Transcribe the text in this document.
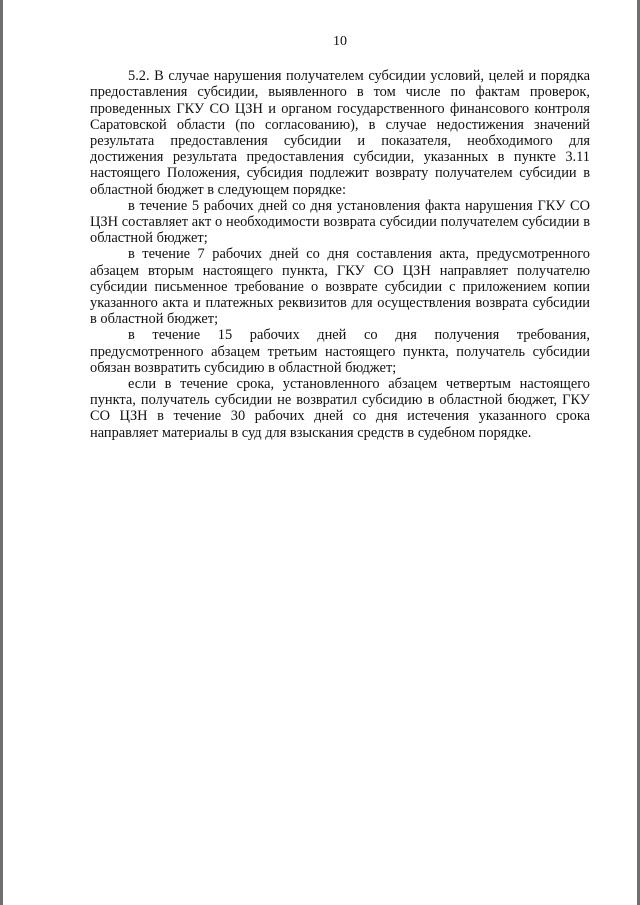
10

5.2. В случае нарушения получателем субсидии условий, целей и порядка предоставления субсидии, выявленного в том числе по фактам проверок, проведенных ГКУ СО ЦЗН и органом государственного финансового контроля Саратовской области (по согласованию), в случае недостижения значений результата предоставления субсидии и показателя, необходимого для достижения результата предоставления субсидии, указанных в пункте 3.11 настоящего Положения, субсидия подлежит возврату получателем субсидии в областной бюджет в следующем порядке:

в течение 5 рабочих дней со дня установления факта нарушения ГКУ СО ЦЗН составляет акт о необходимости возврата субсидии получателем субсидии в областной бюджет;

в течение 7 рабочих дней со дня составления акта, предусмотренного абзацем вторым настоящего пункта, ГКУ СО ЦЗН направляет получателю субсидии письменное требование о возврате субсидии с приложением копии указанного акта и платежных реквизитов для осуществления возврата субсидии в областной бюджет;

в течение 15 рабочих дней со дня получения требования, предусмотренного абзацем третьим настоящего пункта, получатель субсидии обязан возвратить субсидию в областной бюджет;

если в течение срока, установленного абзацем четвертым настоящего пункта, получатель субсидии не возвратил субсидию в областной бюджет, ГКУ СО ЦЗН в течение 30 рабочих дней со дня истечения указанного срока направляет материалы в суд для взыскания средств в судебном порядке.
